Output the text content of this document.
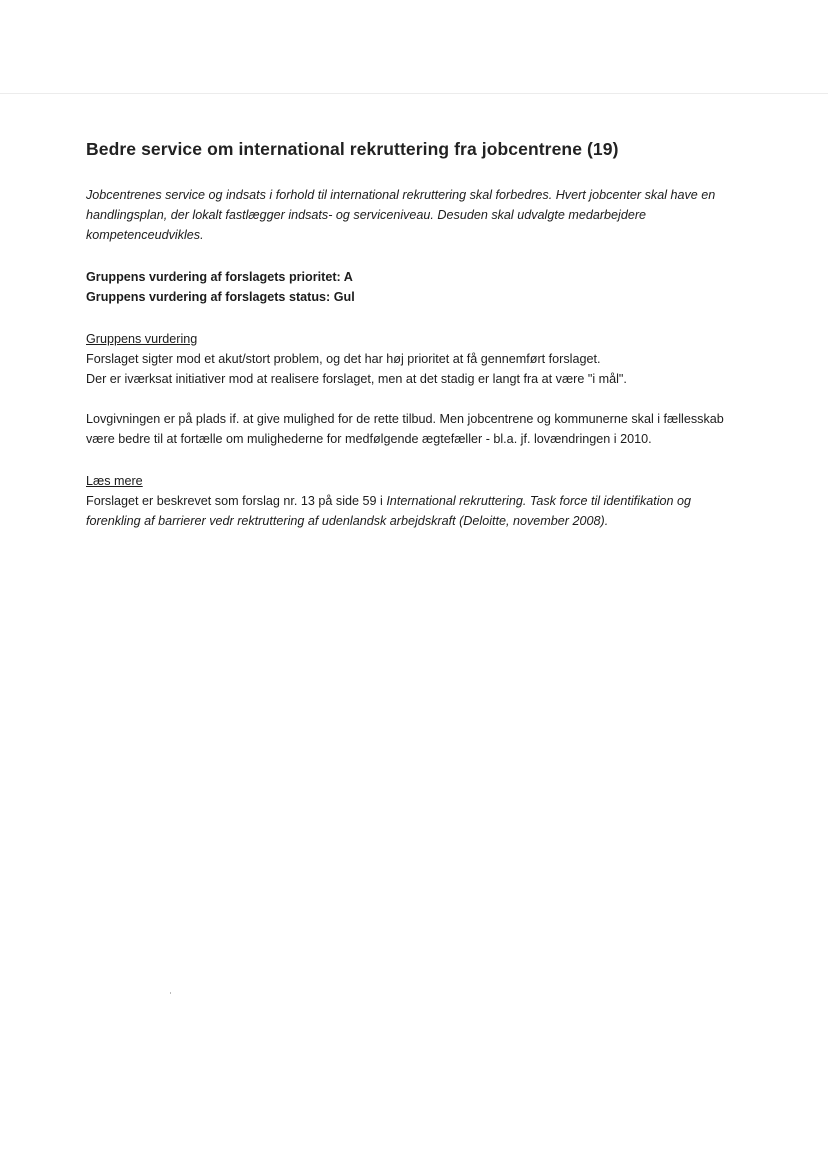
Bedre service om international rekruttering fra jobcentrene (19)

Jobcentrenes service og indsats i forhold til international rekruttering skal forbedres. Hvert jobcenter skal have en handlingsplan, der lokalt fastlægger indsats- og serviceniveau. Desuden skal udvalgte medarbejdere kompetenceudvikles.

Gruppens vurdering af forslagets prioritet: A
Gruppens vurdering af forslagets status: Gul
Gruppens vurdering

Forslaget sigter mod et akut/stort problem, og det har høj prioritet at få gennemført forslaget.

Der er iværksat initiativer mod at realisere forslaget, men at det stadig er langt fra at være "i mål".

Lovgivningen er på plads if. at give mulighed for de rette tilbud. Men jobcentrene og kommunerne skal i fællesskab være bedre til at fortælle om mulighederne for medfølgende ægtefæller - bl.a. jf. lovændringen i 2010.

Læs mere

Forslaget er beskrevet som forslag nr. 13 på side 59 i International rekruttering. Task force til identifikation og forenkling af barrierer vedr rektruttering af udenlandsk arbejdskraft (Deloitte, november 2008).
